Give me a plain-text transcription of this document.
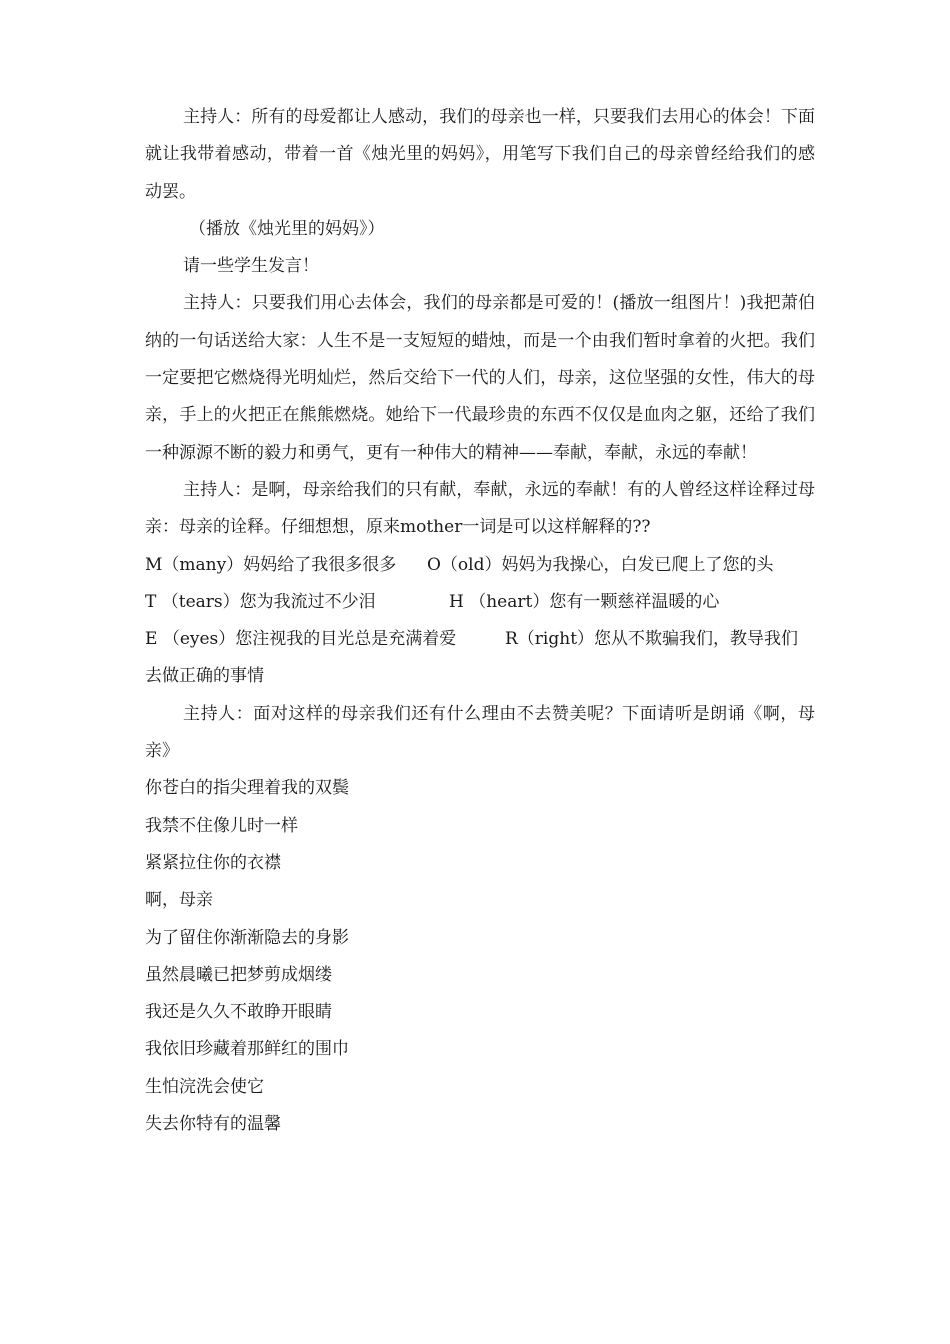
主持人：所有的母爱都让人感动，我们的母亲也一样，只要我们去用心的体会！下面就让我带着感动，带着一首《烛光里的妈妈》，用笔写下我们自己的母亲曾经给我们的感动罢。

（播放《烛光里的妈妈》）

请一些学生发言！

主持人：只要我们用心去体会，我们的母亲都是可爱的！(播放一组图片！)我把萧伯纳的一句话送给大家：人生不是一支短短的蜡烛，而是一个由我们暂时拿着的火把。我们一定要把它燃烧得光明灿烂，然后交给下一代的人们，母亲，这位坚强的女性，伟大的母亲，手上的火把正在熊熊燃烧。她给下一代最珍贵的东西不仅仅是血肉之躯，还给了我们一种源源不断的毅力和勇气，更有一种伟大的精神——奉献，奉献，永远的奉献！

主持人：是啊，母亲给我们的只有献，奉献，永远的奉献！有的人曾经这样诠释过母亲：母亲的诠释。仔细想想，原来mother一词是可以这样解释的??

M（many）妈妈给了我很多很多 O（old）妈妈为我操心，白发已爬上了您的头
T （tears）您为我流过不少泪	H （heart）您有一颗慈祥温暖的心

E （eyes）您注视我的目光总是充满着爱	R（right）您从不欺骗我们，教导我们去做正确的事情

主持人：面对这样的母亲我们还有什么理由不去赞美呢？下面请听是朗诵《啊，母亲》

你苍白的指尖理着我的双鬓

我禁不住像儿时一样

紧紧拉住你的衣襟

啊，母亲

为了留住你渐渐隐去的身影

虽然晨曦已把梦剪成烟缕

我还是久久不敢睁开眼睛

我依旧珍藏着那鲜红的围巾

生怕浣洗会使它

失去你特有的温馨
